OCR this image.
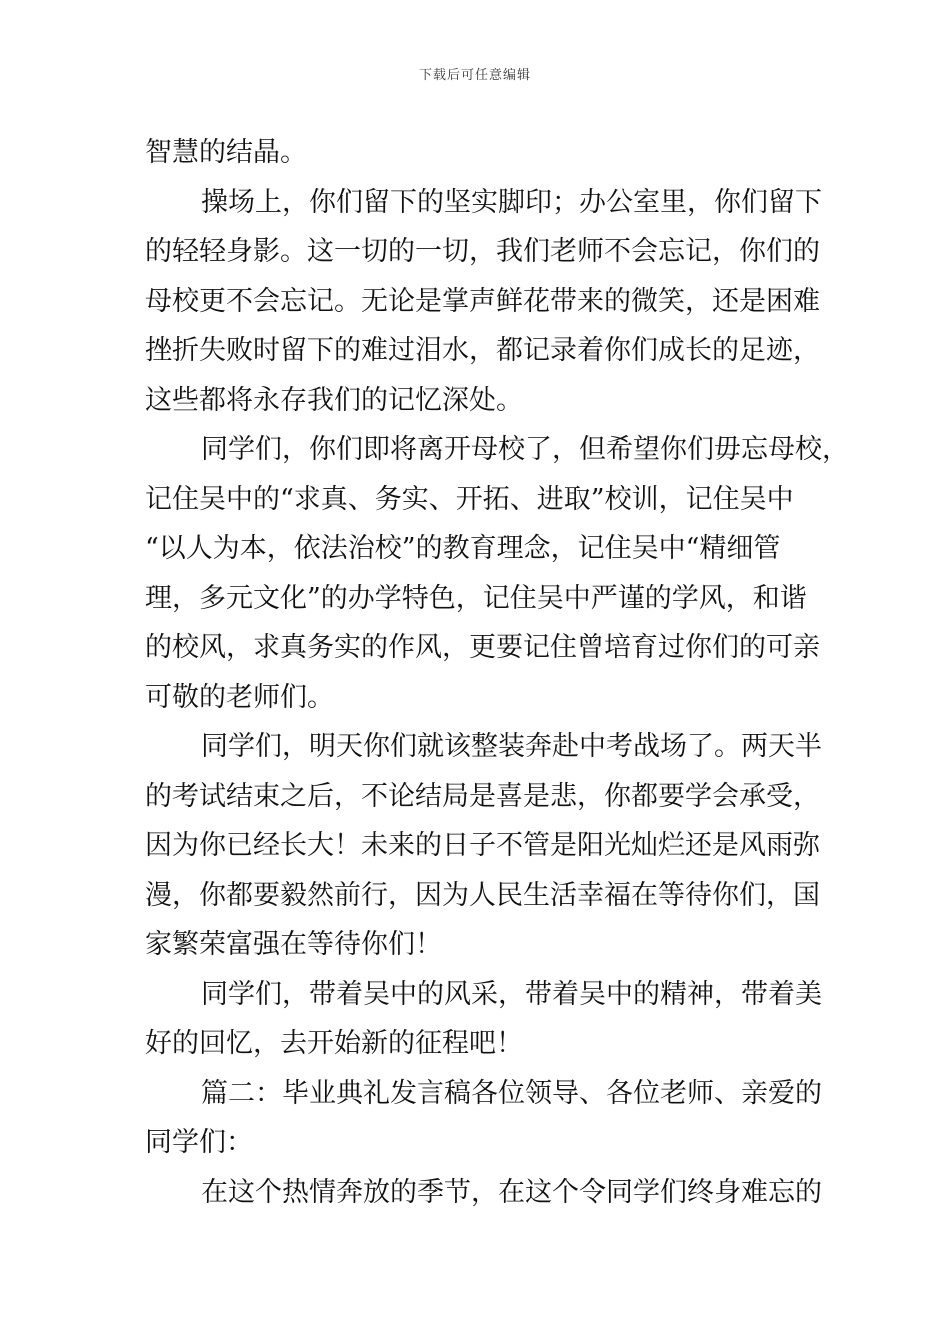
下载后可任意编辑
智慧的结晶。
操场上，你们留下的坚实脚印；办公室里，你们留下
的轻轻身影。这一切的一切，我们老师不会忘记，你们的
母校更不会忘记。无论是掌声鲜花带来的微笑，还是困难
挫折失败时留下的难过泪水，都记录着你们成长的足迹，
这些都将永存我们的记忆深处。
同学们，你们即将离开母校了，但希望你们毋忘母校，
记住吴中的“求真、务实、开拓、进取”校训，记住吴中
“以人为本，依法治校”的教育理念，记住吴中“精细管
理，多元文化”的办学特色，记住吴中严谨的学风，和谐
的校风，求真务实的作风，更要记住曾培育过你们的可亲
可敬的老师们。
同学们，明天你们就该整装奔赴中考战场了。两天半
的考试结束之后，不论结局是喜是悲，你都要学会承受，
因为你已经长大！未来的日子不管是阳光灿烂还是风雨弥
漫，你都要毅然前行，因为人民生活幸福在等待你们，国
家繁荣富强在等待你们！
同学们，带着吴中的风采，带着吴中的精神，带着美
好的回忆，去开始新的征程吧！
篇二：毕业典礼发言稿各位领导、各位老师、亲爱的
同学们：
在这个热情奔放的季节，在这个令同学们终身难忘的
